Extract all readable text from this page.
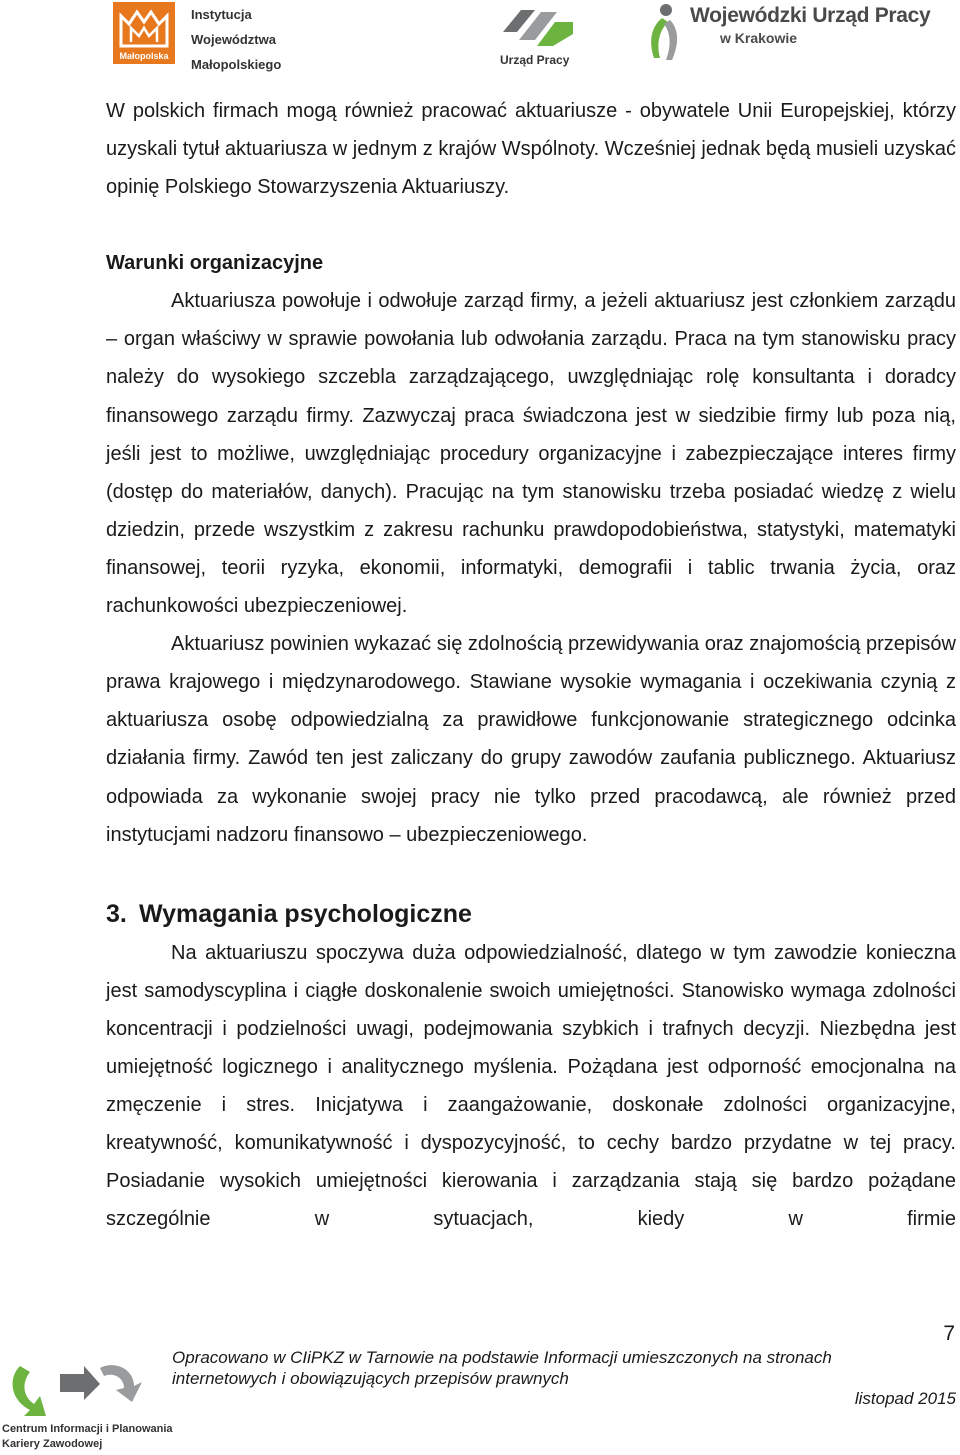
Małopolska
Instytucja
Województwa
Małopolskiego	Urząd Pracy
Wojewódzki Urząd Pracy
w Krakowie

W polskich firmach mogą również pracować aktuariusze - obywatele Unii Europejskiej, którzy uzyskali tytuł aktuariusza w jednym z krajów Wspólnoty. Wcześniej jednak będą musieli uzyskać opinię Polskiego Stowarzyszenia Aktuariuszy.

Warunki organizacyjne

Aktuariusza powołuje i odwołuje zarząd firmy, a jeżeli aktuariusz jest członkiem zarządu – organ właściwy w sprawie powołania lub odwołania zarządu. Praca na tym stanowisku pracy należy do wysokiego szczebla zarządzającego, uwzględniając rolę konsultanta i doradcy finansowego zarządu firmy. Zazwyczaj praca świadczona jest w siedzibie firmy lub poza nią, jeśli jest to możliwe, uwzględniając procedury organizacyjne i zabezpieczające interes firmy (dostęp do materiałów, danych). Pracując na tym stanowisku trzeba posiadać wiedzę z wielu dziedzin, przede wszystkim z zakresu rachunku prawdopodobieństwa, statystyki, matematyki finansowej, teorii ryzyka, ekonomii, informatyki, demografii i tablic trwania życia, oraz rachunkowości ubezpieczeniowej.

Aktuariusz powinien wykazać się zdolnością przewidywania oraz znajomością przepisów prawa krajowego i międzynarodowego. Stawiane wysokie wymagania i oczekiwania czynią z aktuariusza osobę odpowiedzialną za prawidłowe funkcjonowanie strategicznego odcinka działania firmy. Zawód ten jest zaliczany do grupy zawodów zaufania publicznego. Aktuariusz odpowiada za wykonanie swojej pracy nie tylko przed pracodawcą, ale również przed instytucjami nadzoru finansowo – ubezpieczeniowego.

3. Wymagania psychologiczne

Na aktuariuszu spoczywa duża odpowiedzialność, dlatego w tym zawodzie konieczna jest samodyscyplina i ciągłe doskonalenie swoich umiejętności. Stanowisko wymaga zdolności koncentracji i podzielności uwagi, podejmowania szybkich i trafnych decyzji. Niezbędna jest umiejętność logicznego i analitycznego myślenia. Pożądana jest odporność emocjonalna na zmęczenie i stres. Inicjatywa i zaangażowanie, doskonałe zdolności organizacyjne, kreatywność, komunikatywność i dyspozycyjność, to cechy bardzo przydatne w tej pracy. Posiadanie wysokich umiejętności kierowania i zarządzania stają się bardzo pożądane szczególnie w sytuacjach, kiedy w firmie

7
Opracowano w CIiPKZ w Tarnowie na podstawie Informacji umieszczonych na stronach
internetowych i obowiązujących przepisów prawnych
listopad 2015
Centrum Informacji i Planowania
Kariery Zawodowej
